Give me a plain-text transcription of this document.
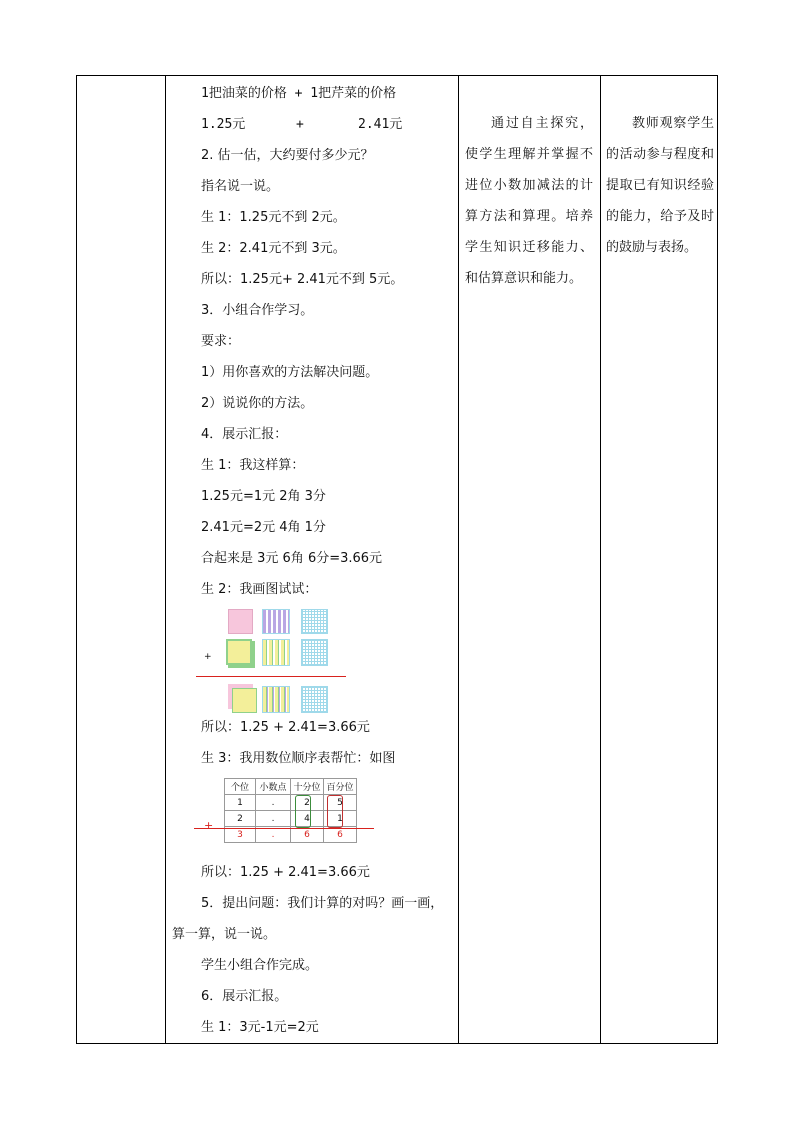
1把油菜的价格 + 1把芹菜的价格
1.25元	+	2.41元
2. 估一估，大约要付多少元？
指名说一说。
生 1：1.25元不到 2元。
生 2：2.41元不到 3元。
所以：1.25元+ 2.41元不到 5元。
3．小组合作学习。
要求：
1）用你喜欢的方法解决问题。
2）说说你的方法。
4．展示汇报：
生 1：我这样算：
1.25元=1元 2角 3分
2.41元=2元 4角 1分
合起来是 3元 6角 6分=3.66元
生 2：我画图试试：
+
所以：1.25 + 2.41=3.66元
生 3：我用数位顺序表帮忙：如图
个位	小数点	十分位	百分位
1	.	2	5
2	.	4	1
3	.	6	6
+
所以：1.25 + 2.41=3.66元
5．提出问题：我们计算的对吗？画一画，
算一算，说一说。
学生小组合作完成。
6．展示汇报。
生 1：3元-1元=2元
通过自主探究，使学生理解并掌握不进位小数加减法的计算方法和算理。培养学生知识迁移能力、和估算意识和能力。
教师观察学生的活动参与程度和提取已有知识经验的能力，给予及时的鼓励与表扬。
